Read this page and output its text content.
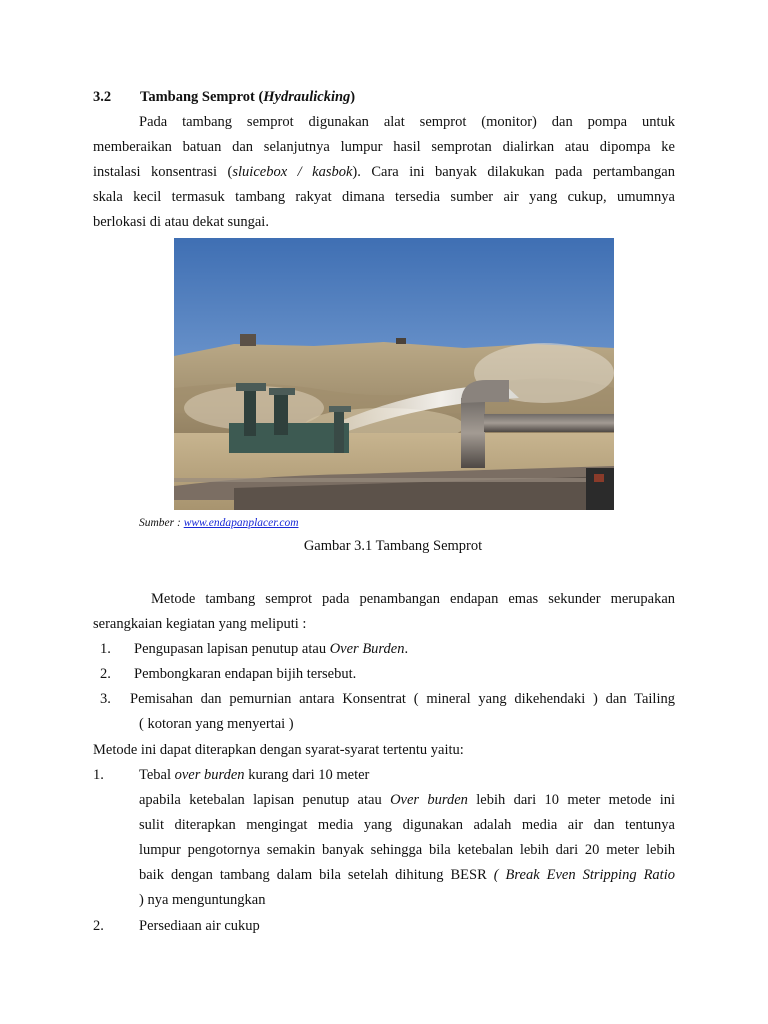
3.2 Tambang Semprot (Hydraulicking)
Pada tambang semprot digunakan alat semprot (monitor) dan pompa untuk
memberaikan batuan dan selanjutnya lumpur hasil semprotan dialirkan atau dipompa ke
instalasi konsentrasi (sluicebox / kasbok). Cara ini banyak dilakukan pada pertambangan
skala kecil termasuk tambang rakyat dimana tersedia sumber air yang cukup, umumnya
berlokasi di atau dekat sungai.
Sumber : www.endapanplacer.com
Gambar 3.1 Tambang Semprot
Metode tambang semprot pada penambangan endapan emas sekunder merupakan
serangkaian kegiatan yang meliputi :
1. Pengupasan lapisan penutup atau Over Burden.
2. Pembongkaran endapan bijih tersebut.
3. Pemisahan dan pemurnian antara Konsentrat ( mineral yang dikehendaki ) dan Tailing
( kotoran yang menyertai )
Metode ini dapat diterapkan dengan syarat-syarat tertentu yaitu:
1. Tebal over burden kurang dari 10 meter
apabila ketebalan lapisan penutup atau Over burden lebih dari 10 meter metode ini
sulit diterapkan mengingat media yang digunakan adalah media air dan tentunya
lumpur pengotornya semakin banyak sehingga bila ketebalan lebih dari 20 meter lebih
baik dengan tambang dalam bila setelah dihitung BESR ( Break Even Stripping Ratio
) nya menguntungkan
2. Persediaan air cukup
